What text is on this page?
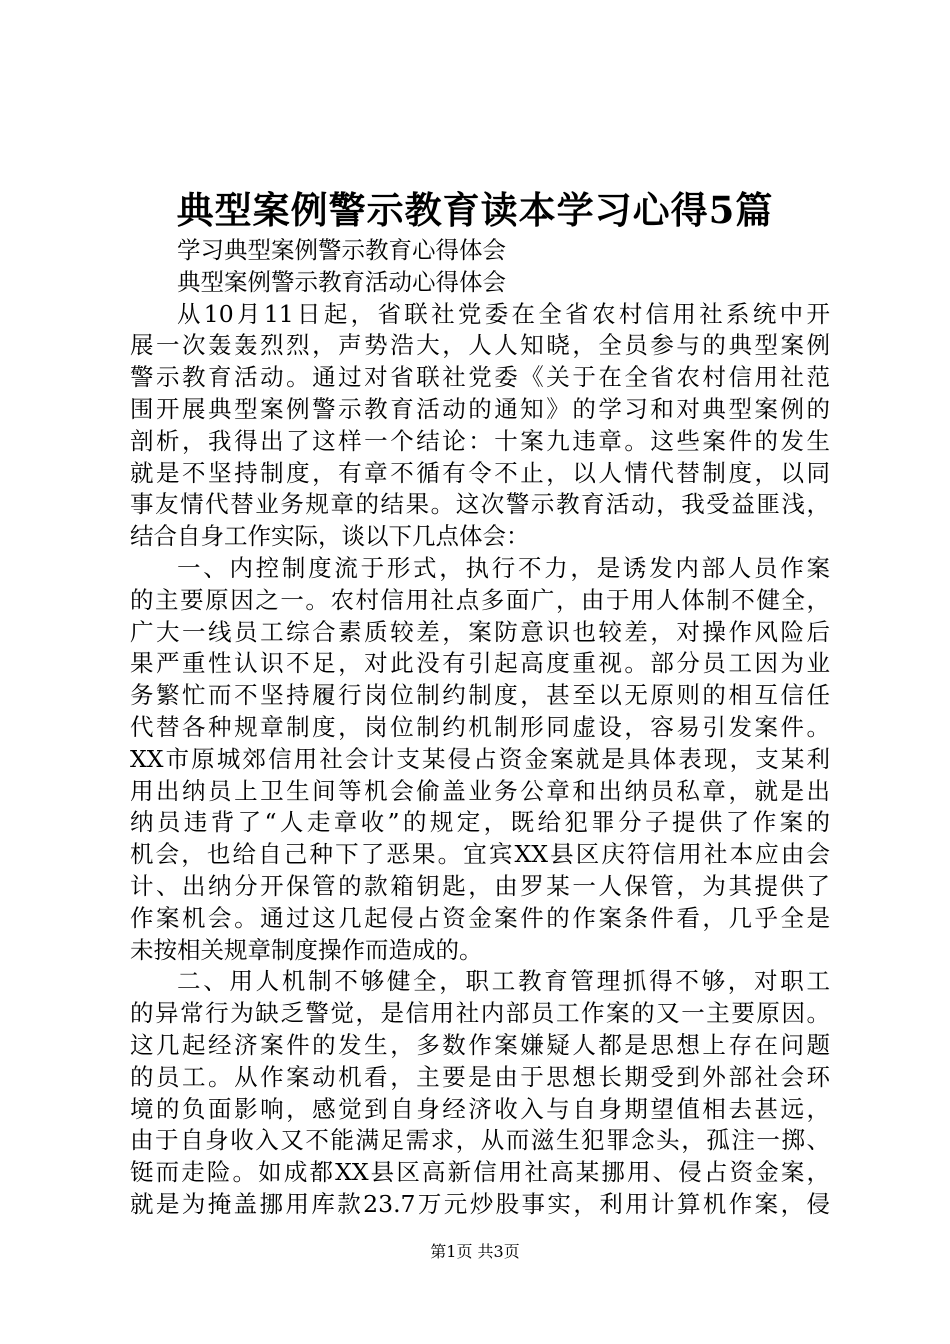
典型案例警示教育读本学习心得5篇
学习典型案例警示教育心得体会
典型案例警示教育活动心得体会
从10月11日起，省联社党委在全省农村信用社系统中开
展一次轰轰烈烈，声势浩大，人人知晓，全员参与的典型案例
警示教育活动。通过对省联社党委《关于在全省农村信用社范
围开展典型案例警示教育活动的通知》的学习和对典型案例的
剖析，我得出了这样一个结论：十案九违章。这些案件的发生
就是不坚持制度，有章不循有令不止，以人情代替制度，以同
事友情代替业务规章的结果。这次警示教育活动，我受益匪浅，
结合自身工作实际，谈以下几点体会：
一、内控制度流于形式，执行不力，是诱发内部人员作案
的主要原因之一。农村信用社点多面广，由于用人体制不健全，
广大一线员工综合素质较差，案防意识也较差，对操作风险后
果严重性认识不足，对此没有引起高度重视。部分员工因为业
务繁忙而不坚持履行岗位制约制度，甚至以无原则的相互信任
代替各种规章制度，岗位制约机制形同虚设，容易引发案件。
XX市原城郊信用社会计支某侵占资金案就是具体表现，支某利
用出纳员上卫生间等机会偷盖业务公章和出纳员私章，就是出
纳员违背了“人走章收”的规定，既给犯罪分子提供了作案的
机会，也给自己种下了恶果。宜宾XX县区庆符信用社本应由会
计、出纳分开保管的款箱钥匙，由罗某一人保管，为其提供了
作案机会。通过这几起侵占资金案件的作案条件看，几乎全是
未按相关规章制度操作而造成的。
二、用人机制不够健全，职工教育管理抓得不够，对职工
的异常行为缺乏警觉，是信用社内部员工作案的又一主要原因。
这几起经济案件的发生，多数作案嫌疑人都是思想上存在问题
的员工。从作案动机看，主要是由于思想长期受到外部社会环
境的负面影响，感觉到自身经济收入与自身期望值相去甚远，
由于自身收入又不能满足需求，从而滋生犯罪念头，孤注一掷、
铤而走险。如成都XX县区高新信用社高某挪用、侵占资金案，
就是为掩盖挪用库款23.7万元炒股事实，利用计算机作案，侵
第1页 共3页
